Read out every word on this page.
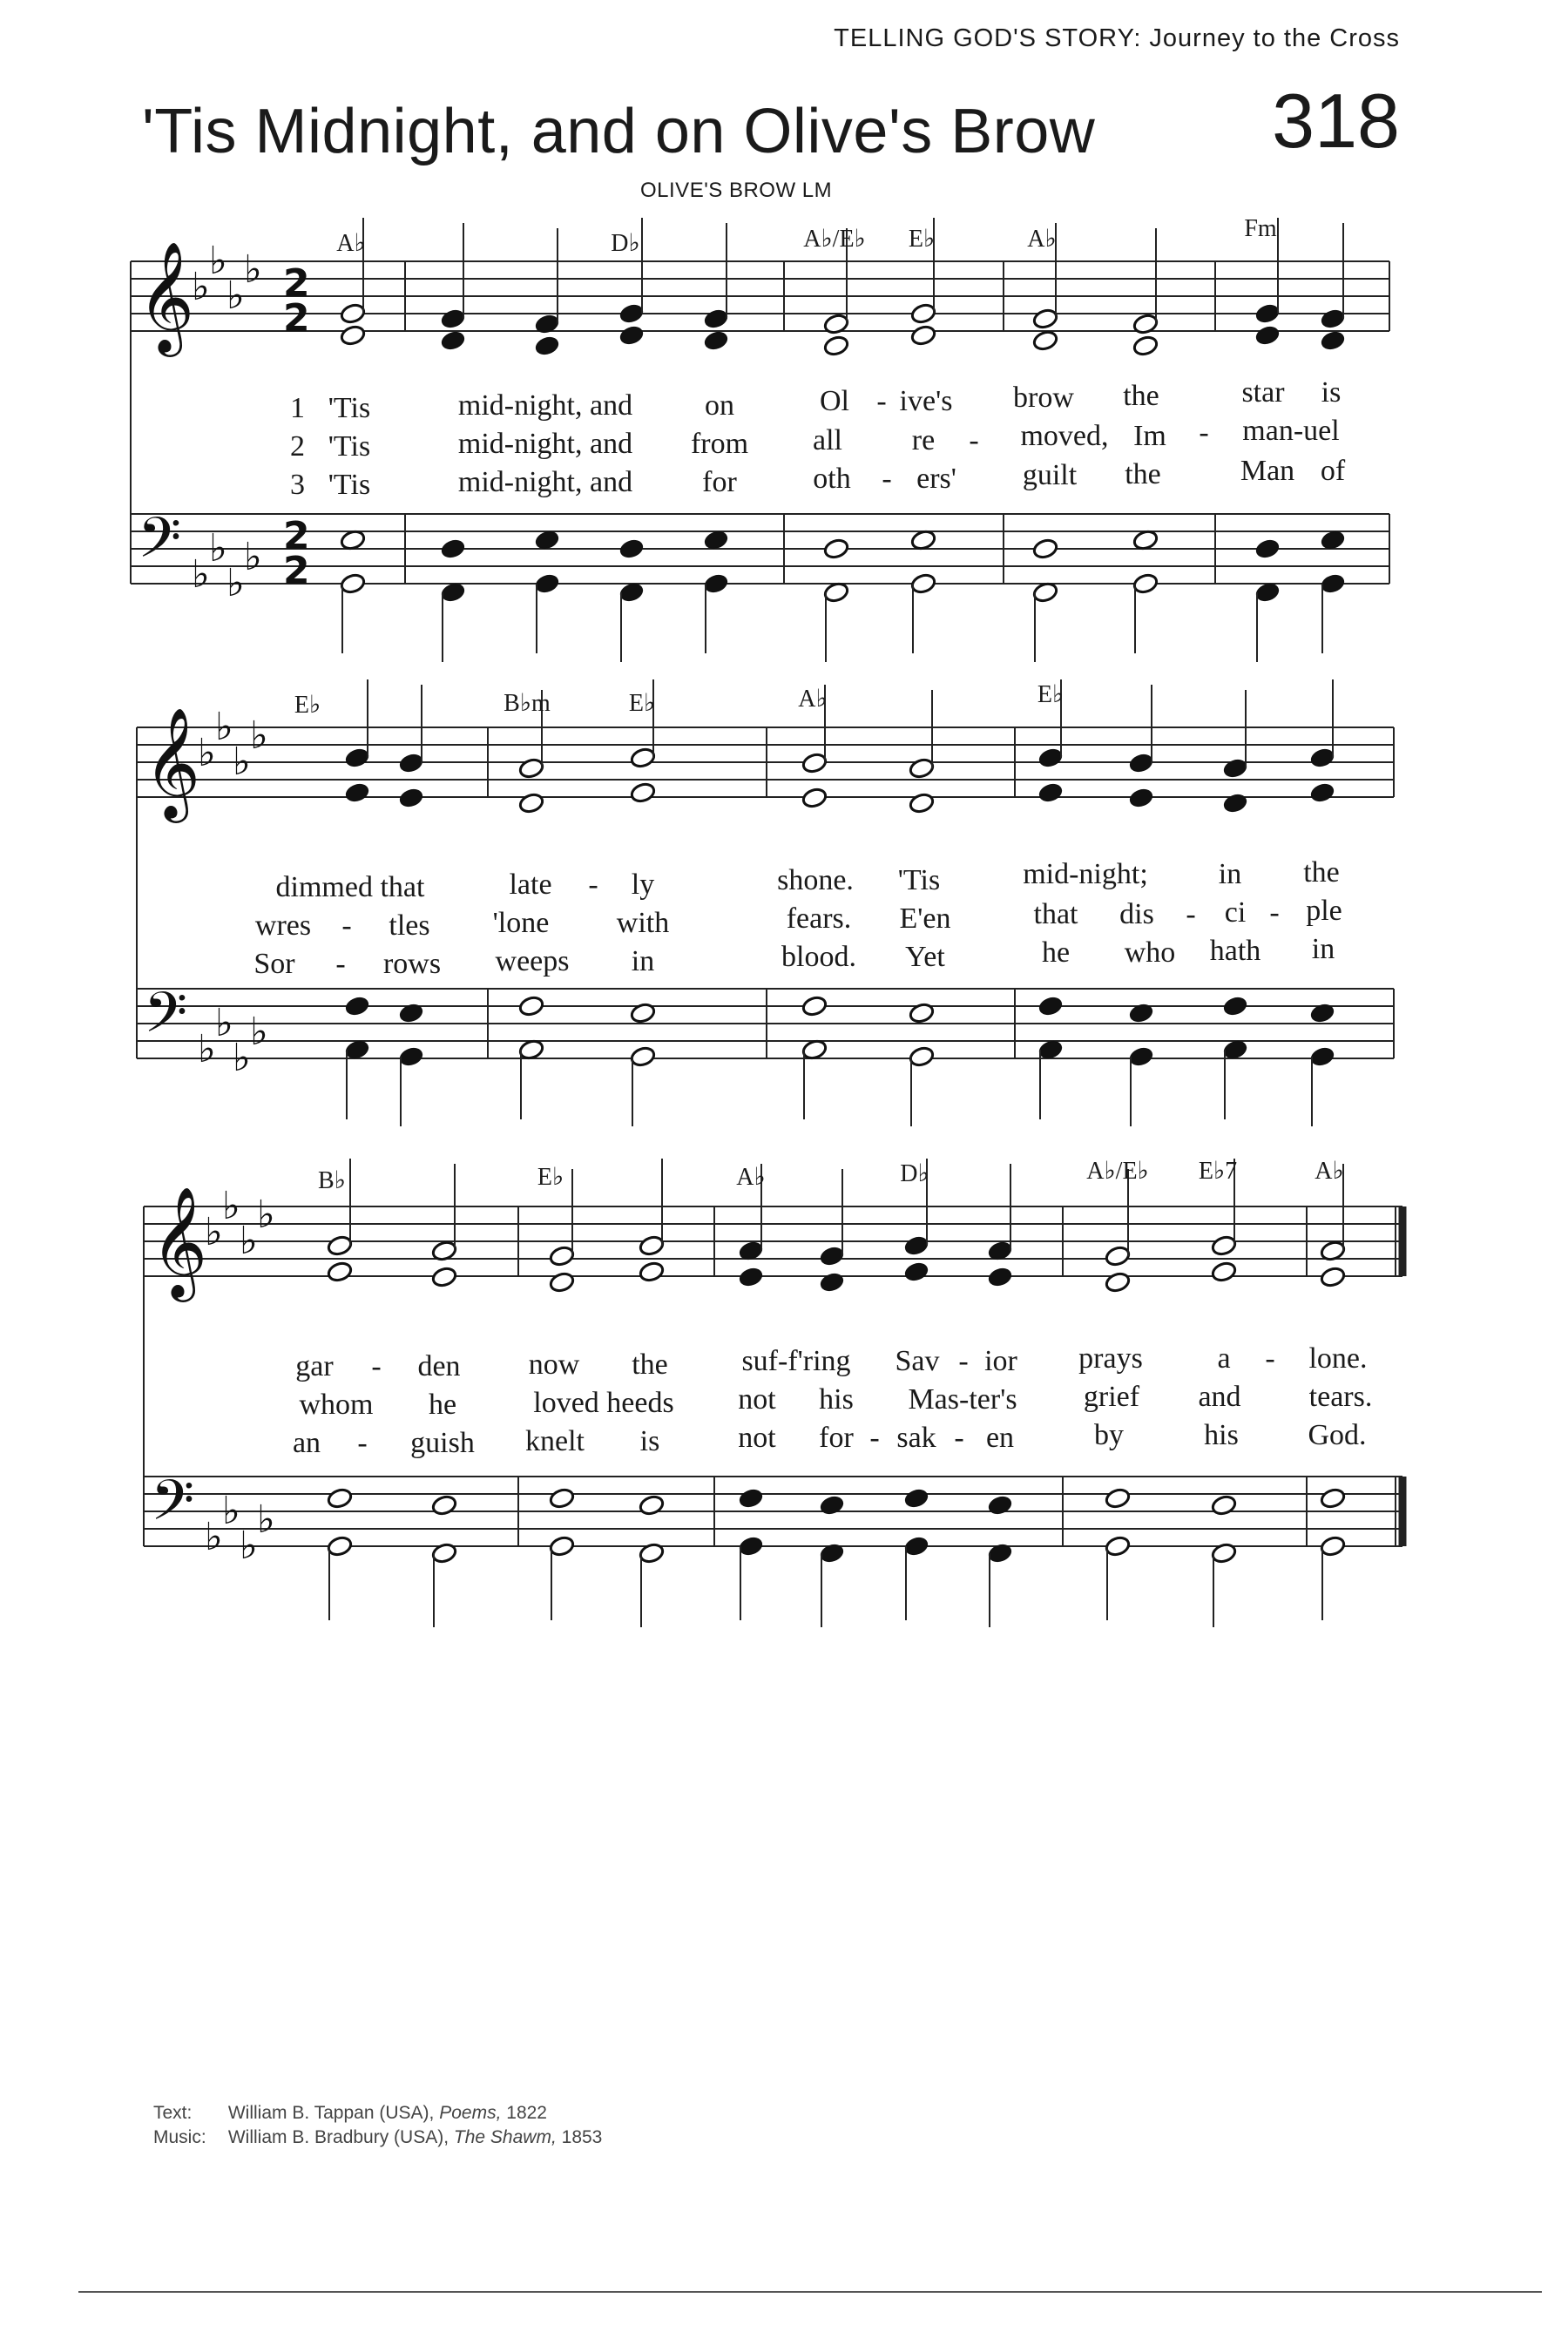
TELLING GOD'S STORY: Journey to the Cross
'Tis Midnight, and on Olive's Brow 318
OLIVE'S BROW LM
𝄞
♭
♭
♭
♭ 2
2
𝄢 ♭
♭
♭
♭ 2
2
𝄞
♭
♭
♭
♭
𝄢 ♭
♭
♭
♭
𝄞
♭
♭
♭
♭
𝄢 ♭
♭
♭
♭
A♭	D♭	A♭/E♭ E♭	A♭	Fm
1
2
3
'Tis	mid-night, and on	Ol - ive's brow the	star is
'Tis	mid-night, and from all re - moved, Im - man-uel
'Tis	mid-night, and for	oth - ers' guilt the	Man of
E♭	B♭m	E♭	A♭	E♭
dimmed that	late - ly	shone. 'Tis	mid-night; in the
wres - tles 'lone with	fears. E'en	that dis - ci - ple
Sor - rows weeps in	blood. Yet	he who hath in
B♭	E♭	A♭	D♭	A♭/E♭ E♭7	A♭
gar - den now the suf-f'ring Sav - ior prays	a - lone.
whom he	loved heeds not his Mas-ter's grief and tears.
an - guish knelt is	not for - sak - en	by	his God.
Text: William B. Tappan (USA), Poems, 1822
Music: William B. Bradbury (USA), The Shawm, 1853
